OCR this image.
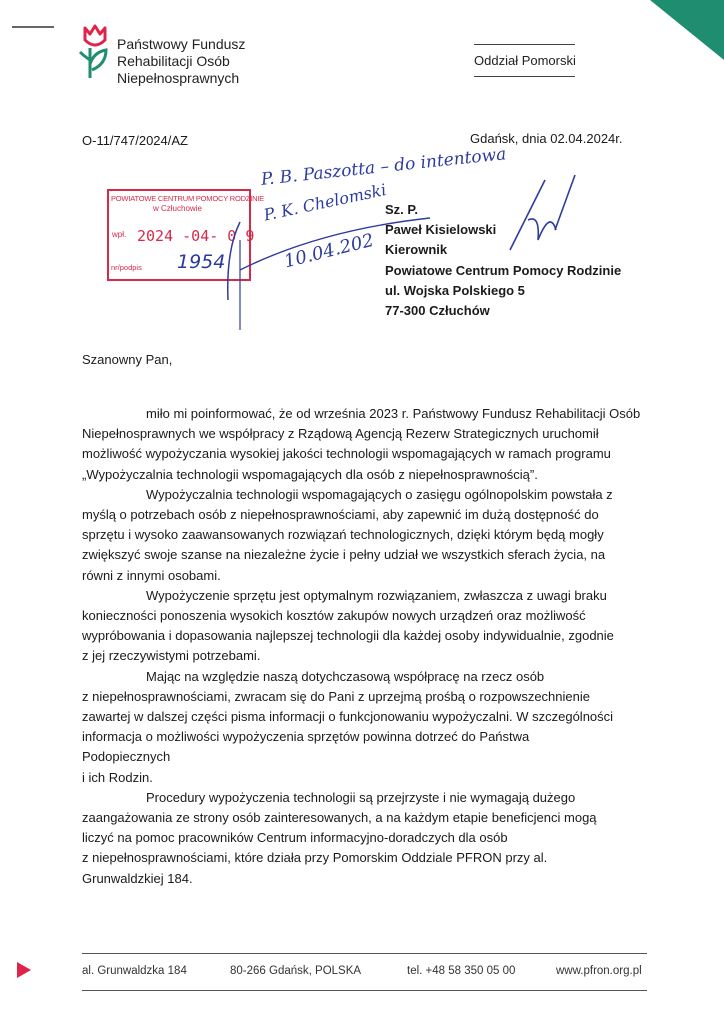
Państwowy Fundusz
Rehabilitacji Osób
Niepełnosprawnych
Oddział Pomorski
O-11/747/2024/AZ	Gdańsk, dnia 02.04.2024r.
POWIATOWE CENTRUM POMOCY RODZINIE
w Człuchowie
wpł. 2024 -04- 0 9
nr/podpis 1954
P. B. Paszotta – do intentowa
P. K. Chelomski
10.04.202
Sz. P.
Paweł Kisielowski
Kierownik
Powiatowe Centrum Pomocy Rodzinie
ul. Wojska Polskiego 5
77-300 Człuchów
Szanowny Pan,
miło mi poinformować, że od września 2023 r. Państwowy Fundusz Rehabilitacji Osób
Niepełnosprawnych we współpracy z Rządową Agencją Rezerw Strategicznych uruchomił
możliwość wypożyczania wysokiej jakości technologii wspomagających w ramach programu
„Wypożyczalnia technologii wspomagających dla osób z niepełnosprawnością”.
Wypożyczalnia technologii wspomagających o zasięgu ogólnopolskim powstała z
myślą o potrzebach osób z niepełnosprawnościami, aby zapewnić im dużą dostępność do
sprzętu i wysoko zaawansowanych rozwiązań technologicznych, dzięki którym będą mogły
zwiększyć swoje szanse na niezależne życie i pełny udział we wszystkich sferach życia, na
równi z innymi osobami.
Wypożyczenie sprzętu jest optymalnym rozwiązaniem, zwłaszcza z uwagi braku
konieczności ponoszenia wysokich kosztów zakupów nowych urządzeń oraz możliwość
wypróbowania i dopasowania najlepszej technologii dla każdej osoby indywidualnie, zgodnie
z jej rzeczywistymi potrzebami.
Mając na względzie naszą dotychczasową współpracę na rzecz osób
z niepełnosprawnościami, zwracam się do Pani z uprzejmą prośbą o rozpowszechnienie
zawartej w dalszej części pisma informacji o funkcjonowaniu wypożyczalni. W szczególności
informacja o możliwości wypożyczenia sprzętów powinna dotrzeć do Państwa
Podopiecznych
i ich Rodzin.
Procedury wypożyczenia technologii są przejrzyste i nie wymagają dużego
zaangażowania ze strony osób zainteresowanych, a na każdym etapie beneficjenci mogą
liczyć na pomoc pracowników Centrum informacyjno-doradczych dla osób
z niepełnosprawnościami, które działa przy Pomorskim Oddziale PFRON przy al.
Grunwaldzkiej 184.
al. Grunwaldzka 184	80-266 Gdańsk, POLSKA	tel. +48 58 350 05 00	www.pfron.org.pl
